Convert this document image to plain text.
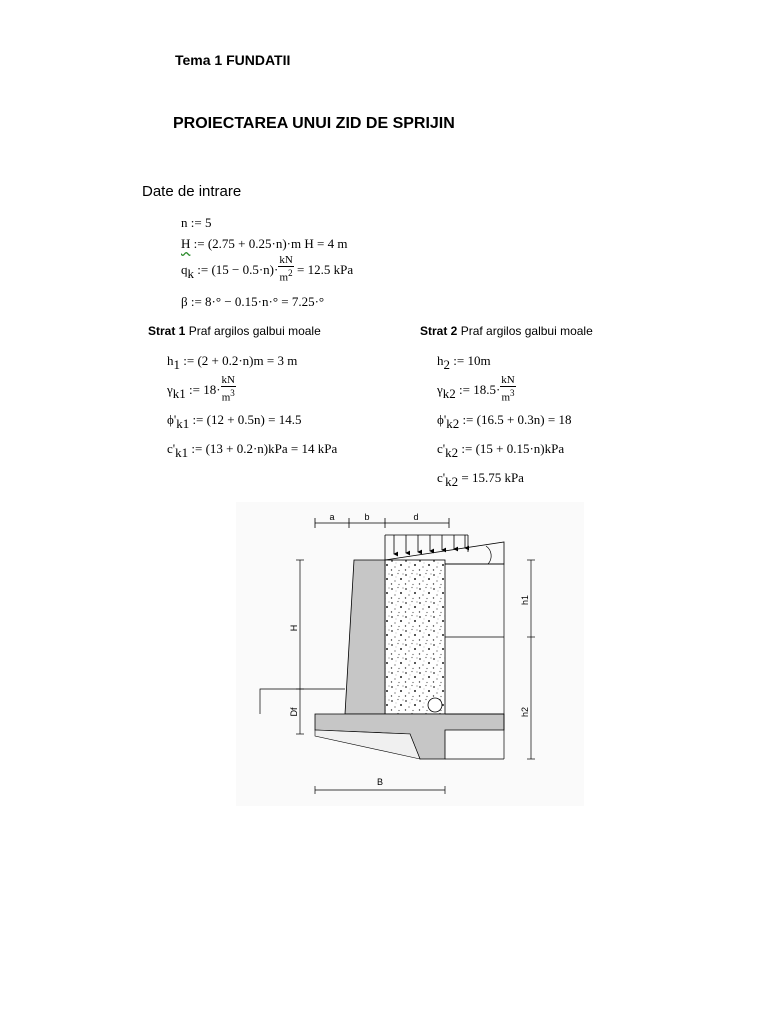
Tema 1 FUNDATII
PROIECTAREA UNUI ZID DE SPRIJIN
Date de intrare
n := 5
H := (2.75 + 0.25·n)·m H = 4 m
qk := $(15 - 0.5\cdot n)\cdot \frac{kN}{m^2} = 12.5$ kPa
β := 8·° − 0.15·n·° = 7.25·°
Strat 1 Praf argilos galbui moale
h1 := (2 + 0.2·n)m = 3 m
γk1 := $18\cdot \frac{kN}{m^3}$
ϕ'k1 := (12 + 0.5n) = 14.5
c'k1 := (13 + 0.2·n)kPa = 14 kPa
Strat 2 Praf argilos galbui moale
h2 := 10m
γk2 := $18.5\cdot \frac{kN}{m^3}$
ϕ'k2 := (16.5 + 0.3n) = 18
c'k2 := (15 + 0.15·n)kPa
c'k2 = 15.75 kPa
a	b	d
H
Df
h1
h2
B
